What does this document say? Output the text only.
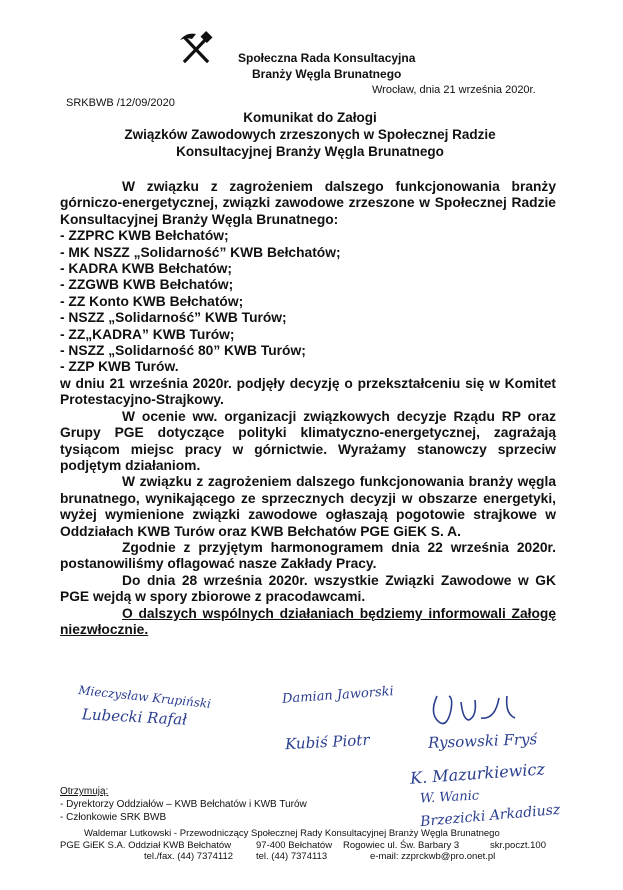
Społeczna Rada Konsultacyjna
Branży Węgla Brunatnego
Wrocław, dnia 21 września 2020r.
SRKBWB /12/09/2020
Komunikat do Załogi
Związków Zawodowych zrzeszonych w Społecznej Radzie
Konsultacyjnej Branży Węgla Brunatnego

W związku z zagrożeniem dalszego funkcjonowania branży górniczo-energetycznej, związki zawodowe zrzeszone w Społecznej Radzie Konsultacyjnej Branży Węgla Brunatnego:

- ZZPRC KWB Bełchatów;
- MK NSZZ „Solidarność” KWB Bełchatów;
- KADRA KWB Bełchatów;
- ZZGWB KWB Bełchatów;
- ZZ Konto KWB Bełchatów;
- NSZZ „Solidarność” KWB Turów;
- ZZ„KADRA” KWB Turów;
- NSZZ „Solidarność 80” KWB Turów;
- ZZP KWB Turów.

w dniu 21 września 2020r. podjęły decyzję o przekształceniu się w Komitet Protestacyjno-Strajkowy.

W ocenie ww. organizacji związkowych decyzje Rządu RP oraz Grupy PGE dotyczące polityki klimatyczno-energetycznej, zagrażają tysiącom miejsc pracy w górnictwie. Wyrażamy stanowczy sprzeciw podjętym działaniom.

W związku z zagrożeniem dalszego funkcjonowania branży węgla brunatnego, wynikającego ze sprzecznych decyzji w obszarze energetyki, wyżej wymienione związki zawodowe ogłaszają pogotowie strajkowe w Oddziałach KWB Turów oraz KWB Bełchatów PGE GiEK S. A.

Zgodnie z przyjętym harmonogramem dnia 22 września 2020r. postanowiliśmy oflagować nasze Zakłady Pracy.

Do dnia 28 września 2020r. wszystkie Związki Zawodowe w GK PGE wejdą w spory zbiorowe z pracodawcami.

O dalszych wspólnych działaniach będziemy informowali Załogę niezwłocznie.

Mieczysław Krupiński
Lubecki Rafał
Damian Jaworski
Kubiś Piotr	Rysowski Fryś
K. Mazurkiewicz
W. Wanic
Brzezicki Arkadiusz
Otrzymują:
- Dyrektorzy Oddziałów – KWB Bełchatów i KWB Turów
- Członkowie SRK BWB
Waldemar Lutkowski - Przewodniczący Społecznej Rady Konsultacyjnej Branży Węgla Brunatnego
PGE GiEK S.A. Oddział KWB Bełchatów	97-400 Bełchatów Rogowiec ul. Św. Barbary 3	skr.poczt.100
tel./fax. (44) 7374112 tel. (44) 7374113	e-mail: zzprckwb@pro.onet.pl
